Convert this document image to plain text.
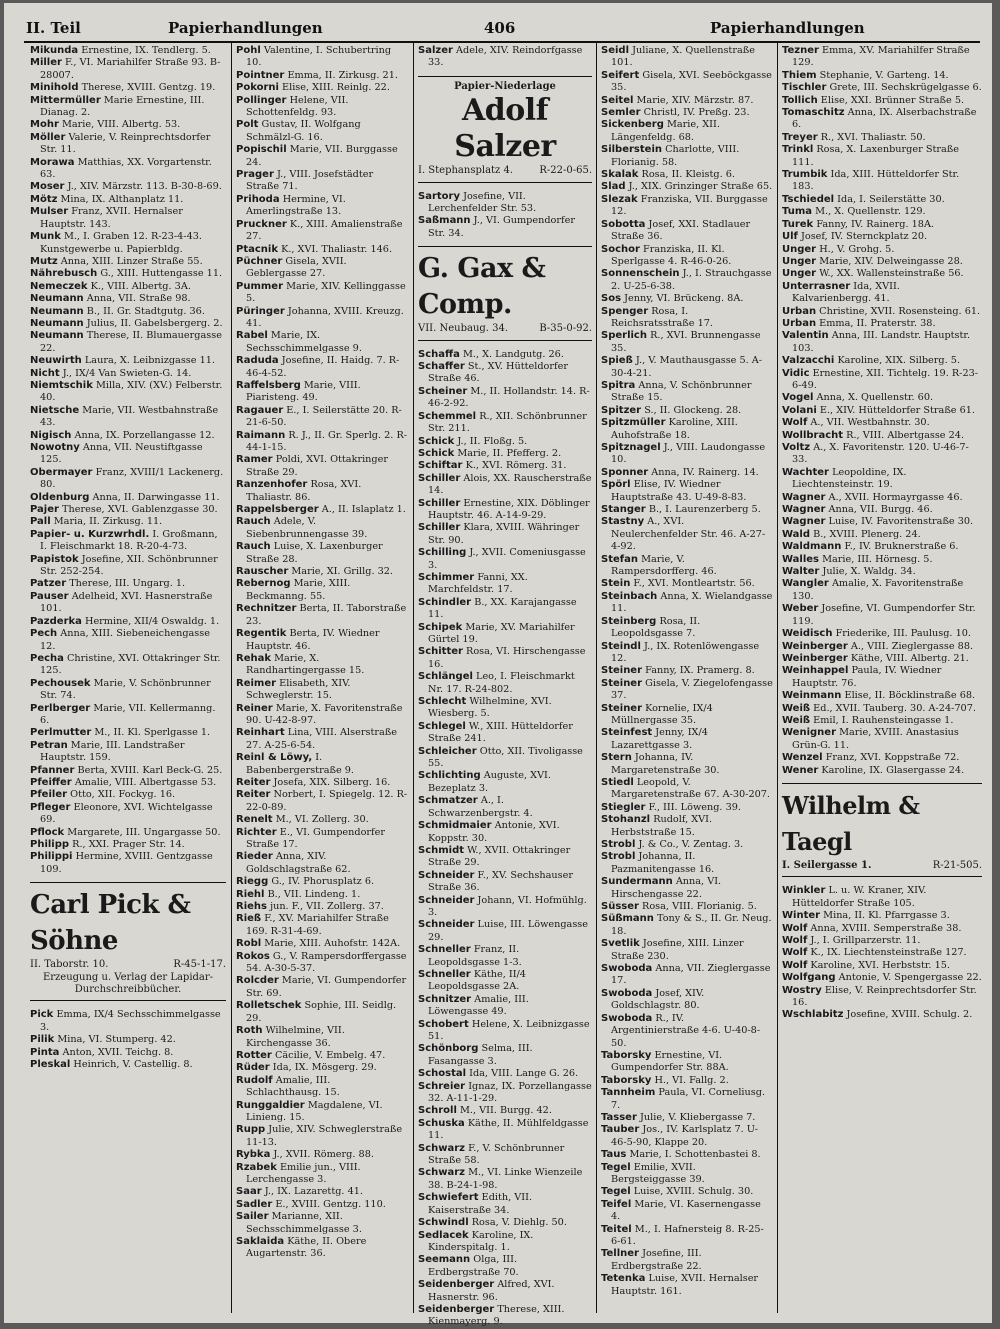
II. Teil	Papierhandlungen	406	Papierhandlungen
Mikunda Ernestine, IX. Tendlerg. 5.
Miller F., VI. Mariahilfer Straße 93. B-28007.
Minihold Therese, XVIII. Gentzg. 19.
Mittermüller Marie Ernestine, III. Dianag. 2.
Mohr Marie, VIII. Albertg. 53.
Möller Valerie, V. Reinprechtsdorfer Str. 11.
Morawa Matthias, XX. Vorgartenstr. 63.
Moser J., XIV. Märzstr. 113. B-30-8-69.
Mötz Mina, IX. Althanplatz 11.
Mulser Franz, XVII. Hernalser Hauptstr. 143.
Munk M., I. Graben 12. R-23-4-43. Kunstgewerbe u. Papierbldg.
Mutz Anna, XIII. Linzer Straße 55.
Nährebusch G., XIII. Huttengasse 11.
Nemeczek K., VIII. Albertg. 3A.
Neumann Anna, VII. Straße 98.
Neumann B., II. Gr. Stadtgutg. 36.
Neumann Julius, II. Gabelsbergerg. 2.
Neumann Therese, II. Blumauergasse 22.
Neuwirth Laura, X. Leibnizgasse 11.
Nicht J., IX/4 Van Swieten-G. 14.
Niemtschik Milla, XIV. (XV.) Felberstr. 40.
Nietsche Marie, VII. Westbahnstraße 43.
Nigisch Anna, IX. Porzellangasse 12.
Nowotny Anna, VII. Neustiftgasse 125.
Obermayer Franz, XVIII/1 Lackenerg. 80.
Oldenburg Anna, II. Darwingasse 11.
Pajer Therese, XVI. Gablenzgasse 30.
Pall Maria, II. Zirkusg. 11.
Papier- u. Kurzwrhdl. I. Großmann, I. Fleischmarkt 18. R-20-4-73.
Papistok Josefine, XII. Schönbrunner Str. 252-254.
Patzer Therese, III. Ungarg. 1.
Pauser Adelheid, XVI. Hasnerstraße 101.
Pazderka Hermine, XII/4 Oswaldg. 1.
Pech Anna, XIII. Siebeneichengasse 12.
Pecha Christine, XVI. Ottakringer Str. 125.
Pechousek Marie, V. Schönbrunner Str. 74.
Perlberger Marie, VII. Kellermanng. 6.
Perlmutter M., II. Kl. Sperlgasse 1.
Petran Marie, III. Landstraßer Hauptstr. 159.
Pfanner Berta, XVIII. Karl Beck-G. 25.
Pfeiffer Amalie, VIII. Albertgasse 53.
Pfeiler Otto, XII. Fockyg. 16.
Pfleger Eleonore, XVI. Wichtelgasse 69.
Pflock Margarete, III. Ungargasse 50.
Philipp R., XXI. Prager Str. 14.
Philippi Hermine, XVIII. Gentzgasse 109.
Carl Pick & Söhne
II. Taborstr. 10.	R-45-1-17.
Erzeugung u. Verlag der Lapidar-Durchschreibbücher.
Pick Emma, IX/4 Sechsschimmelgasse 3.
Pilik Mina, VI. Stumperg. 42.
Pinta Anton, XVII. Teichg. 8.
Pleskal Heinrich, V. Castellig. 8.
Pohl Valentine, I. Schubertring 10.
Pointner Emma, II. Zirkusg. 21.
Pokorni Elise, XIII. Reinlg. 22.
Pollinger Helene, VII. Schottenfeldg. 93.
Polt Gustav, II. Wolfgang Schmälzl-G. 16.
Popischil Marie, VII. Burggasse 24.
Prager J., VIII. Josefstädter Straße 71.
Prihoda Hermine, VI. Amerlingstraße 13.
Pruckner K., XIII. Amalienstraße 27.
Ptacnik K., XVI. Thaliastr. 146.
Püchner Gisela, XVII. Geblergasse 27.
Pummer Marie, XIV. Kellinggasse 5.
Püringer Johanna, XVIII. Kreuzg. 41.
Rabel Marie, IX. Sechsschimmelgasse 9.
Raduda Josefine, II. Haidg. 7. R-46-4-52.
Raffelsberg Marie, VIII. Piaristeng. 49.
Ragauer E., I. Seilerstätte 20. R-21-6-50.
Raimann R. J., II. Gr. Sperlg. 2. R-44-1-15.
Ramer Poldi, XVI. Ottakringer Straße 29.
Ranzenhofer Rosa, XVI. Thaliastr. 86.
Rappelsberger A., II. Islaplatz 1.
Rauch Adele, V. Siebenbrunnengasse 39.
Rauch Luise, X. Laxenburger Straße 28.
Rauscher Marie, XI. Grillg. 32.
Rebernog Marie, XIII. Beckmanng. 55.
Rechnitzer Berta, II. Taborstraße 23.
Regentik Berta, IV. Wiedner Hauptstr. 46.
Rehak Marie, X. Randhartingergasse 15.
Reimer Elisabeth, XIV. Schweglerstr. 15.
Reiner Marie, X. Favoritenstraße 90. U-42-8-97.
Reinhart Lina, VIII. Alserstraße 27. A-25-6-54.
Reinl & Löwy, I. Babenbergerstraße 9.
Reiter Josefa, XIX. Silberg. 16.
Reiter Norbert, I. Spiegelg. 12. R-22-0-89.
Renelt M., VI. Zollerg. 30.
Richter E., VI. Gumpendorfer Straße 17.
Rieder Anna, XIV. Goldschlagstraße 62.
Riegg G., IV. Phorusplatz 6.
Riehl B., VII. Lindeng. 1.
Riehs jun. F., VII. Zollerg. 37.
Rieß F., XV. Mariahilfer Straße 169. R-31-4-69.
Robl Marie, XIII. Auhofstr. 142A.
Rokos G., V. Rampersdorffergasse 54. A-30-5-37.
Rolcder Marie, VI. Gumpendorfer Str. 69.
Rolletschek Sophie, III. Seidlg. 29.
Roth Wilhelmine, VII. Kirchengasse 36.
Rotter Cäcilie, V. Embelg. 47.
Rüder Ida, IX. Mösgerg. 29.
Rudolf Amalie, III. Schlachthausg. 15.
Runggaldier Magdalene, VI. Linieng. 15.
Rupp Julie, XIV. Schweglerstraße 11-13.
Rybka J., XVII. Römerg. 88.
Rzabek Emilie jun., VIII. Lerchengasse 3.
Saar J., IX. Lazarettg. 41.
Sadler E., XVIII. Gentzg. 110.
Sailer Marianne, XII. Sechsschimmelgasse 3.
Saklaida Käthe, II. Obere Augartenstr. 36.
Salzer Adele, XIV. Reindorfgasse 33.
Papier-Niederlage
Adolf Salzer
I. Stephansplatz 4.	R-22-0-65.
Sartory Josefine, VII. Lerchenfelder Str. 53.
Saßmann J., VI. Gumpendorfer Str. 34.
G. Gax & Comp.
VII. Neubaug. 34.	B-35-0-92.
Schaffa M., X. Landgutg. 26.
Schaffer St., XV. Hütteldorfer Straße 46.
Scheiner M., II. Hollandstr. 14. R-46-2-92.
Schemmel R., XII. Schönbrunner Str. 211.
Schick J., II. Floßg. 5.
Schick Marie, II. Pfefferg. 2.
Schiftar K., XVI. Römerg. 31.
Schiller Alois, XX. Rauscherstraße 14.
Schiller Ernestine, XIX. Döblinger Hauptstr. 46. A-14-9-29.
Schiller Klara, XVIII. Währinger Str. 90.
Schilling J., XVII. Comeniusgasse 3.
Schimmer Fanni, XX. Marchfeldstr. 17.
Schindler B., XX. Karajangasse 11.
Schipek Marie, XV. Mariahilfer Gürtel 19.
Schitter Rosa, VI. Hirschengasse 16.
Schlängel Leo, I. Fleischmarkt Nr. 17. R-24-802.
Schlecht Wilhelmine, XVI. Wiesberg. 5.
Schlegel W., XIII. Hütteldorfer Straße 241.
Schleicher Otto, XII. Tivoligasse 55.
Schlichting Auguste, XVI. Bezeplatz 3.
Schmatzer A., I. Schwarzenbergstr. 4.
Schmidmaier Antonie, XVI. Koppstr. 30.
Schmidt W., XVII. Ottakringer Straße 29.
Schneider F., XV. Sechshauser Straße 36.
Schneider Johann, VI. Hofmühlg. 3.
Schneider Luise, III. Löwengasse 29.
Schneller Franz, II. Leopoldsgasse 1-3.
Schneller Käthe, II/4 Leopoldsgasse 2A.
Schnitzer Amalie, III. Löwengasse 49.
Schobert Helene, X. Leibnizgasse 51.
Schönborg Selma, III. Fasangasse 3.
Schostal Ida, VIII. Lange G. 26.
Schreier Ignaz, IX. Porzellangasse 32. A-11-1-29.
Schroll M., VII. Burgg. 42.
Schuska Käthe, II. Mühlfeldgasse 11.
Schwarz F., V. Schönbrunner Straße 58.
Schwarz M., VI. Linke Wienzeile 38. B-24-1-98.
Schwiefert Edith, VII. Kaiserstraße 34.
Schwindl Rosa, V. Diehlg. 50.
Sedlacek Karoline, IX. Kinderspitalg. 1.
Seemann Olga, III. Erdbergstraße 70.
Seidenberger Alfred, XVI. Hasnerstr. 96.
Seidenberger Therese, XIII. Kienmayerg. 9.
Seidl Juliane, X. Quellenstraße 101.
Seifert Gisela, XVI. Seeböckgasse 35.
Seitel Marie, XIV. Märzstr. 87.
Semler Christl, IV. Preßg. 23.
Sickenberg Marie, XII. Längenfeldg. 68.
Silberstein Charlotte, VIII. Florianig. 58.
Skalak Rosa, II. Kleistg. 6.
Slad J., XIX. Grinzinger Straße 65.
Slezak Franziska, VII. Burggasse 12.
Sobotta Josef, XXI. Stadlauer Straße 36.
Sochor Franziska, II. Kl. Sperlgasse 4. R-46-0-26.
Sonnenschein J., I. Strauchgasse 2. U-25-6-38.
Sos Jenny, VI. Brückeng. 8A.
Spenger Rosa, I. Reichsratsstraße 17.
Sperlich R., XVI. Brunnengasse 35.
Spieß J., V. Mauthausgasse 5. A-30-4-21.
Spitra Anna, V. Schönbrunner Straße 15.
Spitzer S., II. Glockeng. 28.
Spitzmüller Karoline, XIII. Auhofstraße 18.
Spitznagel J., VIII. Laudongasse 10.
Sponner Anna, IV. Rainerg. 14.
Spörl Elise, IV. Wiedner Hauptstraße 43. U-49-8-83.
Stanger B., I. Laurenzerberg 5.
Stastny A., XVI. Neulerchenfelder Str. 46. A-27-4-92.
Stefan Marie, V. Rampersdorfferg. 46.
Stein F., XVI. Montleartstr. 56.
Steinbach Anna, X. Wielandgasse 11.
Steinberg Rosa, II. Leopoldsgasse 7.
Steindl J., IX. Rotenlöwengasse 12.
Steiner Fanny, IX. Pramerg. 8.
Steiner Gisela, V. Ziegelofengasse 37.
Steiner Kornelie, IX/4 Müllnergasse 35.
Steinfest Jenny, IX/4 Lazarettgasse 3.
Stern Johanna, IV. Margaretenstraße 30.
Stiedl Leopold, V. Margaretenstraße 67. A-30-207.
Stiegler F., III. Löweng. 39.
Stohanzl Rudolf, XVI. Herbststraße 15.
Strobl J. & Co., V. Zentag. 3.
Strobl Johanna, II. Pazmanitengasse 16.
Sundermann Anna, VI. Hirschengasse 22.
Süsser Rosa, VIII. Florianig. 5.
Süßmann Tony & S., II. Gr. Neug. 18.
Svetlik Josefine, XIII. Linzer Straße 230.
Swoboda Anna, VII. Zieglergasse 17.
Swoboda Josef, XIV. Goldschlagstr. 80.
Swoboda R., IV. Argentinierstraße 4-6. U-40-8-50.
Taborsky Ernestine, VI. Gumpendorfer Str. 88A.
Taborsky H., VI. Fallg. 2.
Tannheim Paula, VI. Corneliusg. 7.
Tasser Julie, V. Kliebergasse 7.
Tauber Jos., IV. Karlsplatz 7. U-46-5-90, Klappe 20.
Taus Marie, I. Schottenbastei 8.
Tegel Emilie, XVII. Bergsteiggasse 39.
Tegel Luise, XVIII. Schulg. 30.
Teifel Marie, VI. Kasernengasse 4.
Teitel M., I. Hafnersteig 8. R-25-6-61.
Tellner Josefine, III. Erdbergstraße 22.
Tetenka Luise, XVII. Hernalser Hauptstr. 161.
Tezner Emma, XV. Mariahilfer Straße 129.
Thiem Stephanie, V. Garteng. 14.
Tischler Grete, III. Sechskrügelgasse 6.
Tollich Elise, XXI. Brünner Straße 5.
Tomaschitz Anna, IX. Alserbachstraße 6.
Treyer R., XVI. Thaliastr. 50.
Trinkl Rosa, X. Laxenburger Straße 111.
Trumbik Ida, XIII. Hütteldorfer Str. 183.
Tschiedel Ida, I. Seilerstätte 30.
Tuma M., X. Quellenstr. 129.
Turek Fanny, IV. Rainerg. 18A.
Ulf Josef, IV. Sternckplatz 20.
Unger H., V. Grohg. 5.
Unger Marie, XIV. Delweingasse 28.
Unger W., XX. Wallensteinstraße 56.
Unterrasner Ida, XVII. Kalvarienbergg. 41.
Urban Christine, XVII. Rosensteing. 61.
Urban Emma, II. Praterstr. 38.
Valentin Anna, III. Landstr. Hauptstr. 103.
Valzacchi Karoline, XIX. Silberg. 5.
Vidic Ernestine, XII. Tichtelg. 19. R-23-6-49.
Vogel Anna, X. Quellenstr. 60.
Volani E., XIV. Hütteldorfer Straße 61.
Wolf A., VII. Westbahnstr. 30.
Wollbracht R., VIII. Albertgasse 24.
Voltz A., X. Favoritenstr. 120. U-46-7-33.
Wachter Leopoldine, IX. Liechtensteinstr. 19.
Wagner A., XVII. Hormayrgasse 46.
Wagner Anna, VII. Burgg. 46.
Wagner Luise, IV. Favoritenstraße 30.
Wald B., XVIII. Plenerg. 24.
Waldmann F., IV. Bruknerstraße 6.
Walles Marie, III. Hörnesg. 5.
Walter Julie, X. Waldg. 34.
Wangler Amalie, X. Favoritenstraße 130.
Weber Josefine, VI. Gumpendorfer Str. 119.
Weidisch Friederike, III. Paulusg. 10.
Weinberger A., VIII. Zieglergasse 88.
Weinberger Käthe, VIII. Albertg. 21.
Weinhappel Paula, IV. Wiedner Hauptstr. 76.
Weinmann Elise, II. Böcklinstraße 68.
Weiß Ed., XVII. Tauberg. 30. A-24-707.
Weiß Emil, I. Rauhensteingasse 1.
Wenigner Marie, XVIII. Anastasius Grün-G. 11.
Wenzel Franz, XVI. Koppstraße 72.
Wener Karoline, IX. Glasergasse 24.
Wilhelm & Taegl
I. Seilergasse 1.	R-21-505.
Winkler L. u. W. Kraner, XIV. Hütteldorfer Straße 105.
Winter Mina, II. Kl. Pfarrgasse 3.
Wolf Anna, XVIII. Semperstraße 38.
Wolf J., I. Grillparzerstr. 11.
Wolf K., IX. Liechtensteinstraße 127.
Wolf Karoline, XVI. Herbststr. 15.
Wolfgang Antonie, V. Spengergasse 22.
Wostry Elise, V. Reinprechtsdorfer Str. 16.
Wschlabitz Josefine, XVIII. Schulg. 2.
